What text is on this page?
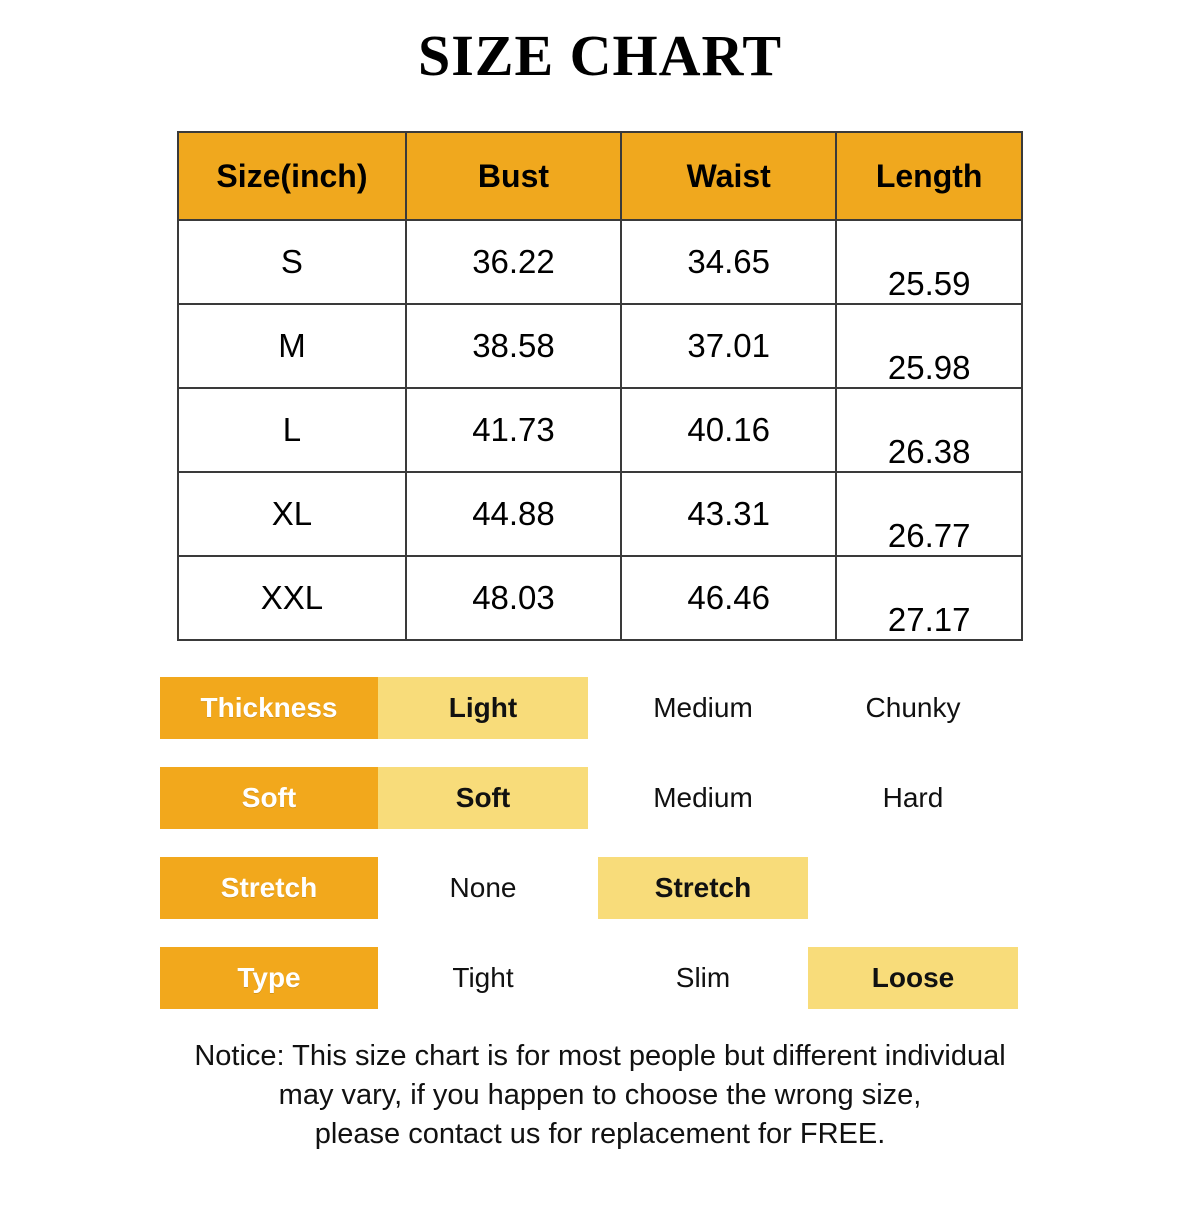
SIZE CHART
Size(inch)	Bust	Waist	Length
S	36.22	34.65	25.59
M	38.58	37.01	25.98
L	41.73	40.16	26.38
XL	44.88	43.31	26.77
XXL	48.03	46.46	27.17
Thickness	Light	Medium	Chunky
Soft	Soft	Medium	Hard
Stretch	None	Stretch
Type	Tight	Slim	Loose
Notice: This size chart is for most people but different individual
may vary, if you happen to choose the wrong size,
please contact us for replacement for FREE.
